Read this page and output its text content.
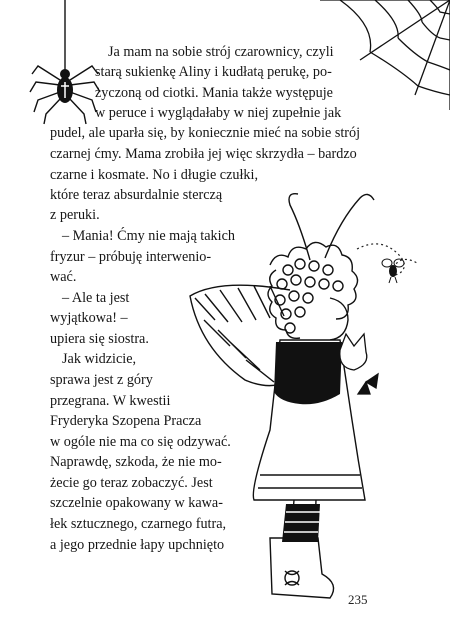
Ja mam na sobie strój czarownicy, czyli
starą sukienkę Aliny i kudłatą perukę, po-
życzoną od ciotki. Mania także występuje
w peruce i wyglądałaby w niej zupełnie jak
pudel, ale uparła się, by koniecznie mieć na sobie strój
czarnej ćmy. Mama zrobiła jej więc skrzydła – bardzo
czarne i kosmate. No i długie czułki,
które teraz absurdalnie sterczą
z peruki.
– Mania! Ćmy nie mają takich
fryzur – próbuję interwenio-
wać.
– Ale ta jest
wyjątkowa! –
upiera się siostra.
Jak widzicie,
sprawa jest z góry
przegrana. W kwestii
Fryderyka Szopena Pracza
w ogóle nie ma co się odzywać.
Naprawdę, szkoda, że nie mo-
żecie go teraz zobaczyć. Jest
szczelnie opakowany w kawa-
łek sztucznego, czarnego futra,
a jego przednie łapy upchnięto
235
